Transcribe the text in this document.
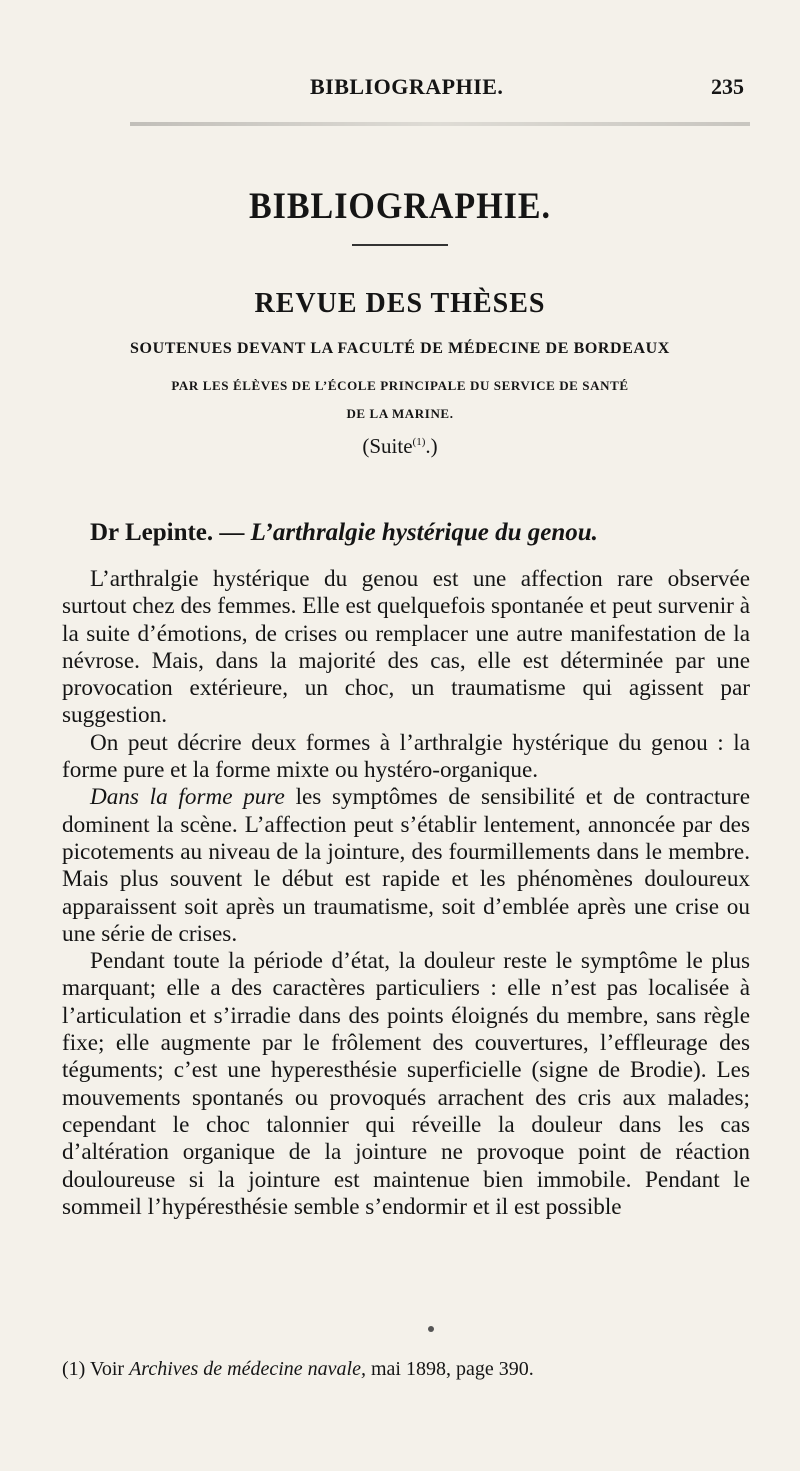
BIBLIOGRAPHIE.	235
BIBLIOGRAPHIE.
REVUE DES THÈSES
SOUTENUES DEVANT LA FACULTÉ DE MÉDECINE DE BORDEAUX
PAR LES ÉLÈVES DE L’ÉCOLE PRINCIPALE DU SERVICE DE SANTÉ
DE LA MARINE.
(Suite$^{(1)}$.)
Dr Lepinte. — L’arthralgie hystérique du genou.

L’arthralgie hystérique du genou est une affection rare observée surtout chez des femmes. Elle est quelquefois spontanée et peut survenir à la suite d’émotions, de crises ou remplacer une autre manifestation de la névrose. Mais, dans la majorité des cas, elle est déterminée par une provocation extérieure, un choc, un traumatisme qui agissent par suggestion.

On peut décrire deux formes à l’arthralgie hystérique du genou : la forme pure et la forme mixte ou hystéro-organique.

Dans la forme pure les symptômes de sensibilité et de contracture dominent la scène. L’affection peut s’établir lentement, annoncée par des picotements au niveau de la jointure, des fourmillements dans le membre. Mais plus souvent le début est rapide et les phénomènes douloureux apparaissent soit après un traumatisme, soit d’emblée après une crise ou une série de crises.

Pendant toute la période d’état, la douleur reste le symptôme le plus marquant; elle a des caractères particuliers : elle n’est pas localisée à l’articulation et s’irradie dans des points éloignés du membre, sans règle fixe; elle augmente par le frôlement des couvertures, l’effleurage des téguments; c’est une hyperesthésie superficielle (signe de Brodie). Les mouvements spontanés ou provoqués arrachent des cris aux malades; cependant le choc talonnier qui réveille la douleur dans les cas d’altération organique de la jointure ne provoque point de réaction douloureuse si la jointure est maintenue bien immobile. Pendant le sommeil l’hypéresthésie semble s’endormir et il est possible

(1) Voir Archives de médecine navale, mai 1898, page 390.
